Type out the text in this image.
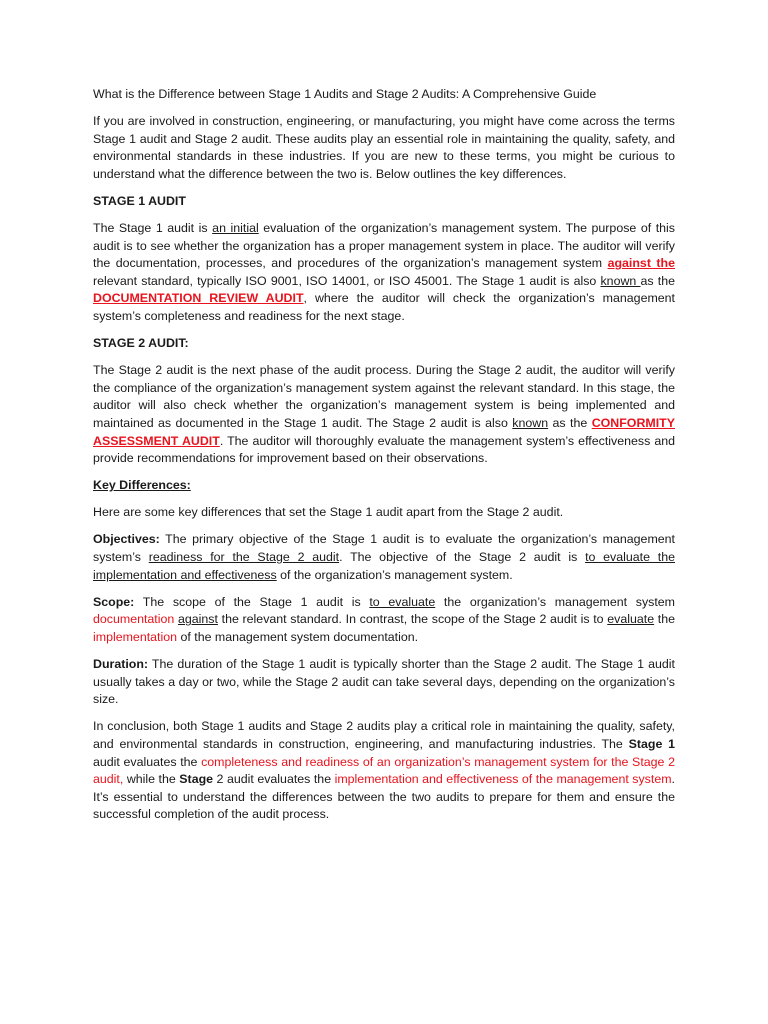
What is the Difference between Stage 1 Audits and Stage 2 Audits: A Comprehensive Guide

If you are involved in construction, engineering, or manufacturing, you might have come across the terms Stage 1 audit and Stage 2 audit. These audits play an essential role in maintaining the quality, safety, and environmental standards in these industries. If you are new to these terms, you might be curious to understand what the difference between the two is. Below outlines the key differences.

STAGE 1 AUDIT

The Stage 1 audit is an initial evaluation of the organization’s management system. The purpose of this audit is to see whether the organization has a proper management system in place. The auditor will verify the documentation, processes, and procedures of the organization’s management system against the relevant standard, typically ISO 9001, ISO 14001, or ISO 45001. The Stage 1 audit is also known as the DOCUMENTATION REVIEW AUDIT, where the auditor will check the organization’s management system’s completeness and readiness for the next stage.

STAGE 2 AUDIT:

The Stage 2 audit is the next phase of the audit process. During the Stage 2 audit, the auditor will verify the compliance of the organization’s management system against the relevant standard. In this stage, the auditor will also check whether the organization’s management system is being implemented and maintained as documented in the Stage 1 audit. The Stage 2 audit is also known as the CONFORMITY ASSESSMENT AUDIT. The auditor will thoroughly evaluate the management system’s effectiveness and provide recommendations for improvement based on their observations.

Key Differences:

Here are some key differences that set the Stage 1 audit apart from the Stage 2 audit.

Objectives: The primary objective of the Stage 1 audit is to evaluate the organization’s management system’s readiness for the Stage 2 audit. The objective of the Stage 2 audit is to evaluate the implementation and effectiveness of the organization’s management system.

Scope: The scope of the Stage 1 audit is to evaluate the organization’s management system documentation against the relevant standard. In contrast, the scope of the Stage 2 audit is to evaluate the implementation of the management system documentation.

Duration: The duration of the Stage 1 audit is typically shorter than the Stage 2 audit. The Stage 1 audit usually takes a day or two, while the Stage 2 audit can take several days, depending on the organization’s size.

In conclusion, both Stage 1 audits and Stage 2 audits play a critical role in maintaining the quality, safety, and environmental standards in construction, engineering, and manufacturing industries. The Stage 1 audit evaluates the completeness and readiness of an organization’s management system for the Stage 2 audit, while the Stage 2 audit evaluates the implementation and effectiveness of the management system. It’s essential to understand the differences between the two audits to prepare for them and ensure the successful completion of the audit process.
